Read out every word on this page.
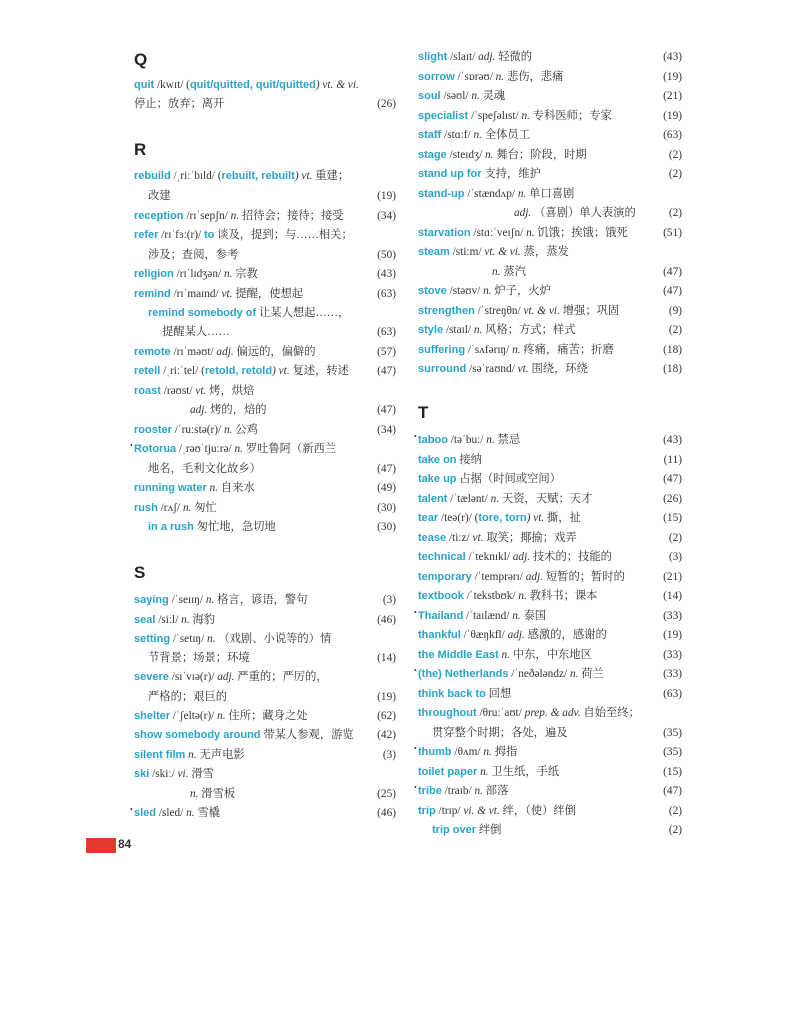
Q
quit /kwɪt/ (quit/quitted, quit/quitted) vt. & vi.
停止；放弃；离开	(26)
R
rebuild /ˌriːˈbɪld/ (rebuilt, rebuilt) vt. 重建；
改建	(19)
reception /rɪˈsepʃn/ n. 招待会；接待；接受	(34)
refer /rɪˈfɜː(r)/ to 谈及，提到；与……相关；
涉及；查阅，参考	(50)
religion /rɪˈlɪdʒən/ n. 宗教	(43)
remind /rɪˈmaɪnd/ vt. 提醒，使想起	(63)
remind somebody of 让某人想起……，
提醒某人……	(63)
remote /rɪˈməʊt/ adj. 偏远的，偏僻的	(57)
retell /ˌriːˈtel/ (retold, retold) vt. 复述，转述 (47)
roast /rəʊst/ vt. 烤，烘焙
adj. 烤的，焙的	(47)
rooster /ˈruːstə(r)/ n. 公鸡	(34)
• Rotorua /ˌrəʊˈtjuːrə/ n. 罗吐鲁阿（新西兰
地名，毛利文化故乡）	(47)
running water n. 自来水	(49)
rush /rʌʃ/ n. 匆忙	(30)
in a rush 匆忙地，急切地	(30)
S
saying /ˈseɪɪŋ/ n. 格言，谚语，警句	(3)
seal /siːl/ n. 海豹	(46)
setting /ˈsetɪŋ/ n. （戏剧、小说等的）情
节背景；场景；环境	(14)
severe /sɪˈvɪə(r)/ adj. 严重的；严厉的，
严格的；艰巨的	(19)
shelter /ˈʃeltə(r)/ n. 住所；藏身之处	(62)
show somebody around 带某人参观，游览 (42)
silent film n. 无声电影	(3)
ski /skiː/ vi. 滑雪
n. 滑雪板	(25)
• sled /sled/ n. 雪橇	(46)
slight /slaɪt/ adj. 轻微的	(43)
sorrow /ˈsɒrəʊ/ n. 悲伤，悲痛	(19)
soul /səʊl/ n. 灵魂	(21)
specialist /ˈspeʃəlɪst/ n. 专科医师；专家	(19)
staff /stɑːf/ n. 全体员工	(63)
stage /steɪdʒ/ n. 舞台；阶段，时期	(2)
stand up for 支持，维护	(2)
stand-up /ˈstændʌp/ n. 单口喜剧
adj. （喜剧）单人表演的	(2)
starvation /stɑːˈveɪʃn/ n. 饥饿；挨饿；饿死	(51)
steam /stiːm/ vt. & vi. 蒸，蒸发
n. 蒸汽	(47)
stove /stəʊv/ n. 炉子，火炉	(47)
strengthen /ˈstreŋθn/ vt. & vi. 增强；巩固	(9)
style /staɪl/ n. 风格；方式；样式	(2)
suffering /ˈsʌfərɪŋ/ n. 疼痛，痛苦；折磨	(18)
surround /səˈraʊnd/ vt. 围绕，环绕	(18)
T
• taboo /təˈbuː/ n. 禁忌	(43)
take on 接纳	(11)
take up 占据（时间或空间）	(47)
talent /ˈtælənt/ n. 天资，天赋；天才	(26)
tear /teə(r)/ (tore, torn) vt. 撕，扯	(15)
tease /tiːz/ vt. 取笑；揶揄；戏弄	(2)
technical /ˈteknɪkl/ adj. 技术的；技能的	(3)
temporary /ˈtemprərɪ/ adj. 短暂的；暂时的	(21)
textbook /ˈtekstbʊk/ n. 教科书；课本	(14)
• Thailand /ˈtaɪlænd/ n. 泰国	(33)
thankful /ˈθæŋkfl/ adj. 感激的，感谢的	(19)
the Middle East n. 中东，中东地区	(33)
• (the) Netherlands /ˈneðələndz/ n. 荷兰	(33)
think back to 回想	(63)
throughout /θruːˈaʊt/ prep. & adv. 自始至终；
贯穿整个时期；各处，遍及	(35)
• thumb /θʌm/ n. 拇指	(35)
toilet paper n. 卫生纸，手纸	(15)
• tribe /traɪb/ n. 部落	(47)
trip /trɪp/ vi. & vt. 绊，（使）绊倒	(2)
trip over 绊倒	(2)
84
